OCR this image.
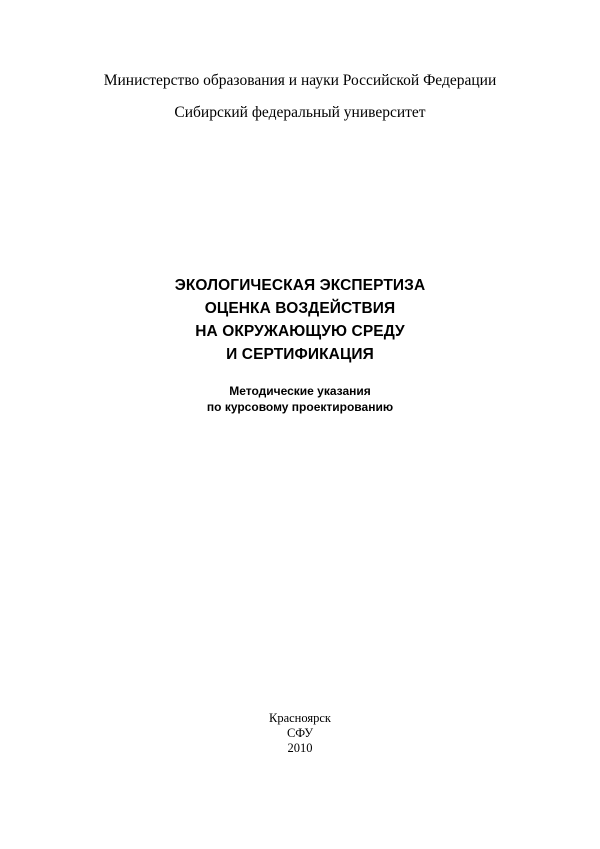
Министерство образования и науки Российской Федерации
Сибирский федеральный университет
ЭКОЛОГИЧЕСКАЯ ЭКСПЕРТИЗА
ОЦЕНКА ВОЗДЕЙСТВИЯ
НА ОКРУЖАЮЩУЮ СРЕДУ
И СЕРТИФИКАЦИЯ
Методические указания
по курсовому проектированию
Красноярск
СФУ
2010
